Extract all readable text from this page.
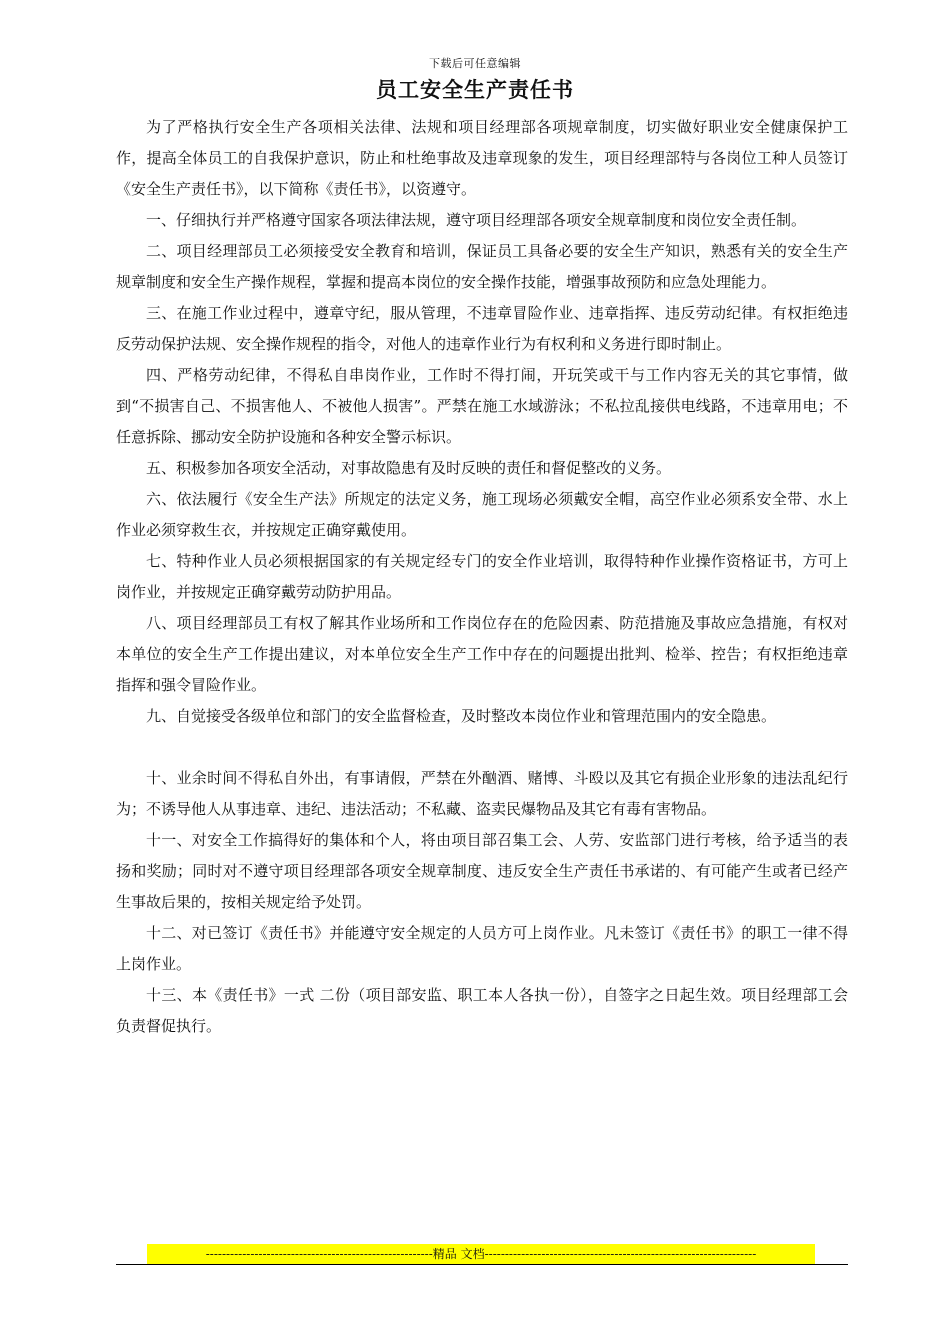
下载后可任意编辑
员工安全生产责任书

为了严格执行安全生产各项相关法律、法规和项目经理部各项规章制度，切实做好职业安全健康保护工作，提高全体员工的自我保护意识，防止和杜绝事故及违章现象的发生，项目经理部特与各岗位工种人员签订《安全生产责任书》，以下简称《责任书》，以资遵守。

一、仔细执行并严格遵守国家各项法律法规，遵守项目经理部各项安全规章制度和岗位安全责任制。

二、项目经理部员工必须接受安全教育和培训，保证员工具备必要的安全生产知识，熟悉有关的安全生产规章制度和安全生产操作规程，掌握和提高本岗位的安全操作技能，增强事故预防和应急处理能力。

三、在施工作业过程中，遵章守纪，服从管理，不违章冒险作业、违章指挥、违反劳动纪律。有权拒绝违反劳动保护法规、安全操作规程的指令，对他人的违章作业行为有权利和义务进行即时制止。

四、严格劳动纪律，不得私自串岗作业，工作时不得打闹，开玩笑或干与工作内容无关的其它事情，做到“不损害自己、不损害他人、不被他人损害”。严禁在施工水域游泳；不私拉乱接供电线路，不违章用电；不任意拆除、挪动安全防护设施和各种安全警示标识。

五、积极参加各项安全活动，对事故隐患有及时反映的责任和督促整改的义务。

六、依法履行《安全生产法》所规定的法定义务，施工现场必须戴安全帽，高空作业必须系安全带、水上作业必须穿救生衣，并按规定正确穿戴使用。

七、特种作业人员必须根据国家的有关规定经专门的安全作业培训，取得特种作业操作资格证书，方可上岗作业，并按规定正确穿戴劳动防护用品。

八、项目经理部员工有权了解其作业场所和工作岗位存在的危险因素、防范措施及事故应急措施，有权对本单位的安全生产工作提出建议，对本单位安全生产工作中存在的问题提出批判、检举、控告；有权拒绝违章指挥和强令冒险作业。

九、自觉接受各级单位和部门的安全监督检查，及时整改本岗位作业和管理范围内的安全隐患。

十、业余时间不得私自外出，有事请假，严禁在外酗酒、赌博、斗殴以及其它有损企业形象的违法乱纪行为；不诱导他人从事违章、违纪、违法活动；不私藏、盗卖民爆物品及其它有毒有害物品。

十一、对安全工作搞得好的集体和个人，将由项目部召集工会、人劳、安监部门进行考核，给予适当的表扬和奖励；同时对不遵守项目经理部各项安全规章制度、违反安全生产责任书承诺的、有可能产生或者已经产生事故后果的，按相关规定给予处罚。

十二、对已签订《责任书》并能遵守安全规定的人员方可上岗作业。凡未签订《责任书》的职工一律不得上岗作业。

十三、本《责任书》一式 二份（项目部安监、职工本人各执一份），自签字之日起生效。项目经理部工会负责督促执行。

--------------------------------------------------------精品 文档-------------------------------------------------------------------
